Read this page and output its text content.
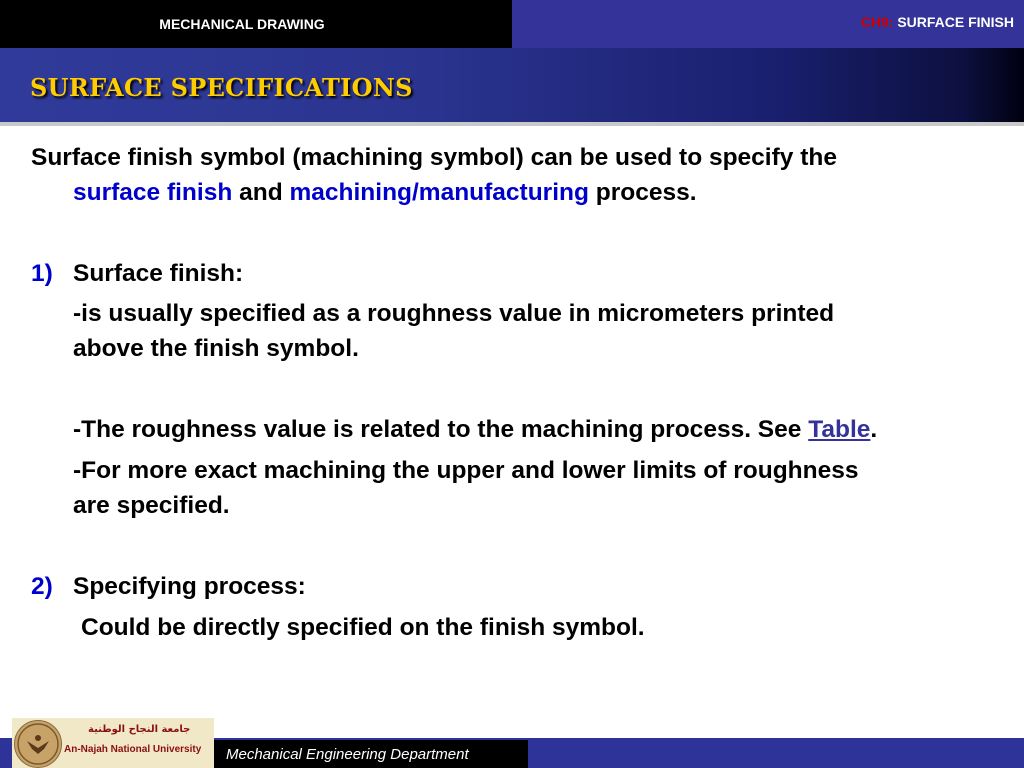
MECHANICAL DRAWING	CH9: SURFACE FINISH
SURFACE SPECIFICATIONS
Surface finish symbol (machining symbol) can be used to specify the
surface finish and machining/manufacturing process.
1) Surface finish:
-is usually specified as a roughness value in micrometers printed
above the finish symbol.
-The roughness value is related to the machining process. See Table.
-For more exact machining the upper and lower limits of roughness
are specified.
2) Specifying process:
Could be directly specified on the finish symbol.
Mechanical Engineering Department
جامعة النجاح الوطنية
An-Najah National University
